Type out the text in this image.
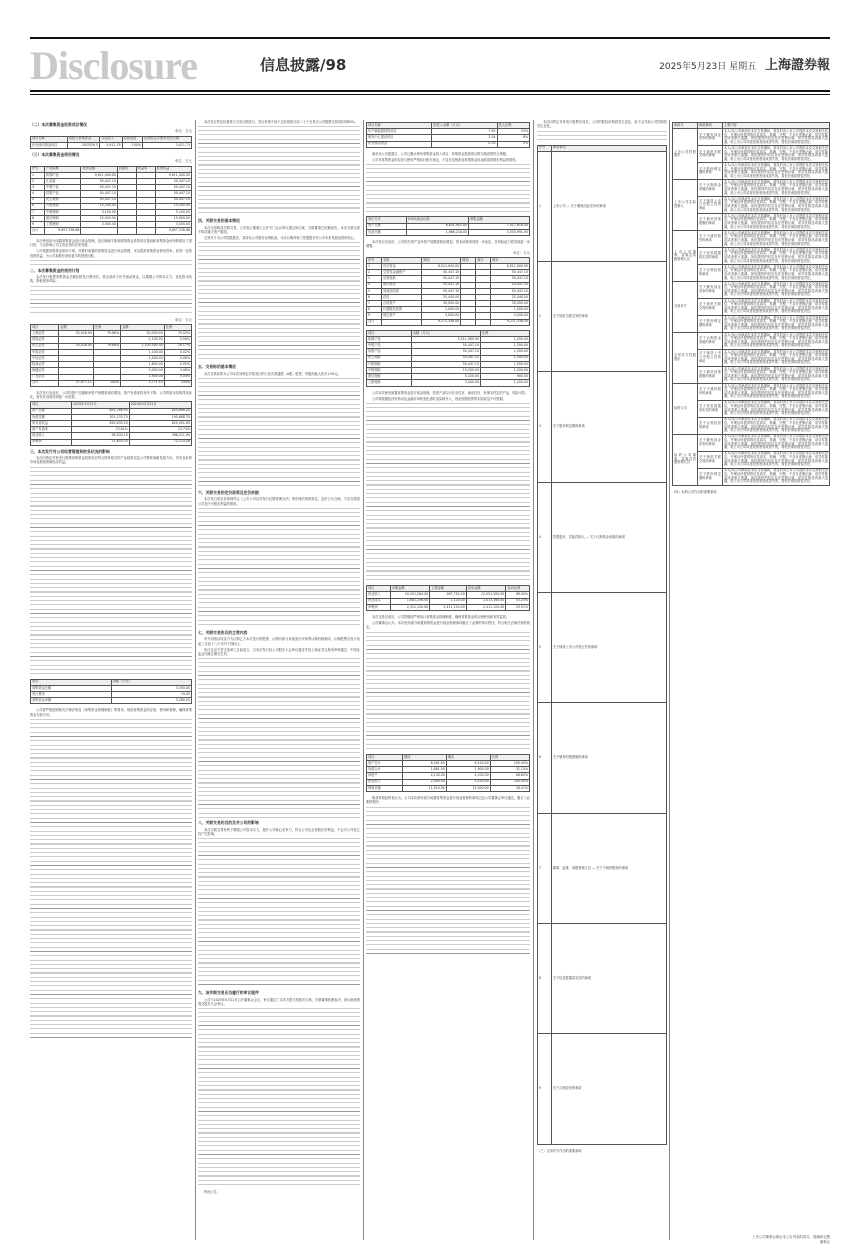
Disclosure	信息披露/98	2025年5月23日 星期五 上海證券報
（二）本次募集资金投资项目情况
单位：万元
项目名称	拟投入募集资金	实际投入	投资进度	达到预定可使用状态日期
补充流动资金项目	2025年6月	5,911.79	100%	3,011.73
（三）本次募集资金使用情况
单位：万元
序号	产品简称	投资金额	到期日	收益率	投资收益
1	阶梯产品	9,611,000.00			9,611,000.00
2	汇添富	50,447.10			50,447.10
3	中银产品	50,447.10			50,447.10
4	招银产品	50,447.10			50,447.10
5	民生理财	50,447.10			50,447.10
6	兴银理财	15,200.00			15,200.00
7	中银理财	5,100.00			5,100.00
8	建信理财	15,000.00			15,000.00
9	工银理财	3,000.00			3,000.00
合计	9,857,338.88				9,857,338.88

本次使用部分闲置募集资金进行现金管理，是在确保不影响募集资金投资项目建设和募集资金使用的情况下进行的，不会影响公司主营业务的正常发展。

公司根据募集资金使用计划，对暂时闲置的募集资金进行现金管理，可以提高募集资金使用效率，获得一定的投资收益，为公司和股东获取更多的投资回报。

二、本次募集资金的使用计划

本次发行股票募集资金总额扣除发行费用后，将全部用于补充流动资金，以增强公司资本实力，优化资本结构，降低财务风险。

单位：万元
项目	金额	比例	金额	比例
上海证券	30,028.00	79.66%	30,000.00	79.55%
国泰证券			2,100.00	5.56%
民生证券	30,028.00	79.66%	1,100,000.00	29.17%
华泰证券			1,100.00	0.02%
中信证券			2,400.00	0.06%
招商证券			1,800.00	0.05%
海通证券			3,000.00	0.08%
广发证券			1,500.00	0.04%
合计	37,677.11	100%	3,771.43	100%

本次发行完成后，公司的资产总额和净资产规模将相应增加，资产负债率将有所下降，公司的资本结构得到优化，财务状况将得到进一步改善。

项目	2025年3月31日	2024年12月31日
资产总额	851,768.95	824,668.20
负债总额	201,133.75	195,668.35
所有者权益	650,635.20	629,001.85
资产负债率	23.61%	23.73%
营业收入	98,200.15	386,211.90
净利润	21,633.35	72,114.08
三、本次发行对公司经营管理和财务状况的影响

本次向特定对象发行股票募集资金投资项目符合国家相关的产业政策以及公司整体战略发展方向，具有良好的市场发展前景和经济效益。

项目	金额（万元）
募集资金总额	3,300.00
发行费用	19.45
募集资金净额	3,280.55

公司将严格按照相关法律法规及《募集资金管理制度》的要求，规范募集资金的存放、使用和管理，确保募集资金专款专用。

本次发行的定价基准日为发行期首日，发行价格不低于定价基准日前二十个交易日公司股票交易均价的80%。

四、关联交易的基本情况

本次交易构成关联交易，公司独立董事已召开专门会议审议通过该议案，关联董事已回避表决。本次关联交易不构成重大资产重组。

交易对方为公司控股股东，其持有公司股份比例较高，本次认购体现了控股股东对公司未来发展前景的信心。

五、交易标的基本情况

本次交易标的为公司本次向特定对象发行的人民币普通股（A股）股票，每股面值人民币1.00元。

六、关联交易的定价政策及定价依据

本次发行的定价原则符合《上市公司证券发行注册管理办法》等法律法规的规定，定价公允合理，不存在损害公司及中小股东利益的情形。

七、关联交易协议的主要内容

甲方同意以现金方式认购乙方本次发行的股票，认购价格与其他发行对象的认购价格相同，认购股票自发行结束之日起十八个月内不得转让。

协议自双方签字盖章之日起成立，自本次发行经公司股东大会审议通过并经上海证券交易所审核通过、中国证监会同意注册后生效。

八、关联交易的目的及对公司的影响

本次关联交易有利于增强公司资本实力，提升公司核心竞争力，符合公司及全体股东的利益，不会对公司独立性产生影响。

九、该关联交易应当履行的审议程序

公司于2025年5月22日召开董事会会议，审议通过了本次关联交易相关议案，关联董事回避表决，该议案尚需提交股东大会审议。

特此公告。

项目名称	拟投入金额（万元）	投入比例
年产新能源材料项目	7.62	53%
研发中心建设项目	2.04	8%
补充流动资金	0.30	2%

截至本公告披露日，公司已累计使用募集资金投入项目，募集资金投资项目的实施进度符合预期。

公司对募集资金的存放与使用严格执行相关规定，不存在变相改变募集资金用途和损害股东利益的情形。

发行方式	100%现金认购	募集金额
资产总额	6,831,902.00	7,017,618.00
负债总额	1,686,218.00	2,003,991.00

本次发行完成后，公司的总资产及净资产规模将相应增加，资本结构得到进一步优化，抗风险能力将得到进一步增强。

单位：万元
序号	名称	期初	增加	减少	期末
1	货币资金	8,011,000.00			8,011,000.00
2	交易性金融资产	50,447.10			50,447.10
3	应收账款	50,447.10			50,447.10
4	预付款项	50,447.10			50,447.10
5	其他应收款	50,447.10			50,447.10
6	存货	25,440.00			25,440.00
7	合同资产	30,000.00			30,000.00
8	长期股权投资	1,000.00			1,000.00
9	固定资产	3,000.00			3,000.00
合计		9,271,338.00			9,271,338.00
项目	金额（万元）	比例
阶梯产品	5,511,060.00	1,200.00
中银产品	50,447.10	1,500.00
招银产品	50,447.10	1,500.00
民生理财	50,447.10	1,500.00
兴银理财	50,447.10	1,500.00
中银理财	15,200.00	1,200.00
建信理财	5,100.00	900.00
工银理财	3,000.00	1,200.00

公司本次使用闲置募集资金进行现金管理，投资产品均为安全性高、流动性好、有保本约定的产品，风险可控。

公司将根据经济形势以及金融市场的变化适时适量地介入，因此短期投资的实际收益不可预期。

项目	本期金额	上期金额	变动金额	变动比例
营业收入	10,201,264.00	267,752.00	12,051,300.00	96.00%
营业成本	1,681,256.00	1,120.00	2,013,160.00	53.20%
净利润	2,411,120.00	2,411,120.00	2,411,120.00	23.91%

本次交易完成后，公司将继续严格执行募集资金管理制度，确保募集资金的合理使用和有效监管。

公司董事会认为，本次使用部分闲置募集资金进行现金管理事项履行了必要的审议程序，符合相关法律法规的规定。

项目	期初	期末	比例
资产总计	6,001.00	6,100.00	100.00%
负债合计	1,861.00	1,900.00	31.15%
净资产	4,140.00	4,200.00	68.85%
营业收入	2,900.00	3,100.00	100.00%
利润总额	11,910.00	12,000.00	28.47%

保荐机构经核查认为，公司本次使用部分闲置募集资金进行现金管理的事项已经公司董事会审议通过，履行了必要的程序。

本次向特定对象发行股票完成后，公司的股权结构将发生变化，但不会导致公司控制权发生变化。

序号	承诺事项
1	上市公司 — 关于避免同业竞争的承诺
2	关于规范关联交易的承诺
3	关于股份锁定期的承诺
4	控股股东、实际控制人 — 关于认购资金来源的承诺
5	关于保持上市公司独立性的承诺
6	关于填补回报措施的承诺
7	董事、监事、高级管理人员 — 关于不减持股份的承诺
8	关于信息披露真实性的承诺
9	关于合规经营的承诺
（三）交易对方作出的重要承诺
承诺方	承诺事项	主要内容
上市公司控股股东	关于避免同业竞争的承诺	本人/本公司承诺在本次交易期间，将及时向上市公司提供本次交易相关信息，并保证所提供的信息真实、准确、完整，不存在虚假记载、误导性陈述或者重大遗漏。如因提供的信息存在虚假记载、误导性陈述或重大遗漏，给上市公司或者投资者造成损失的，将依法承担赔偿责任。
	关于规范关联交易的承诺	本人/本公司承诺在本次交易期间，将及时向上市公司提供本次交易相关信息，并保证所提供的信息真实、准确、完整，不存在虚假记载、误导性陈述或者重大遗漏。如因提供的信息存在虚假记载、误导性陈述或重大遗漏，给上市公司或者投资者造成损失的，将依法承担赔偿责任。
	关于股份锁定期的承诺	本人/本公司承诺在本次交易期间，将及时向上市公司提供本次交易相关信息，并保证所提供的信息真实、准确、完整，不存在虚假记载、误导性陈述或者重大遗漏。如因提供的信息存在虚假记载、误导性陈述或重大遗漏，给上市公司或者投资者造成损失的，将依法承担赔偿责任。
上市公司实际控制人	关于认购资金来源的承诺	本人/本公司承诺在本次交易期间，将及时向上市公司提供本次交易相关信息，并保证所提供的信息真实、准确、完整，不存在虚假记载、误导性陈述或者重大遗漏。如因提供的信息存在虚假记载、误导性陈述或重大遗漏，给上市公司或者投资者造成损失的，将依法承担赔偿责任。
	关于保持上市公司独立性的承诺	本人/本公司承诺在本次交易期间，将及时向上市公司提供本次交易相关信息，并保证所提供的信息真实、准确、完整，不存在虚假记载、误导性陈述或者重大遗漏。如因提供的信息存在虚假记载、误导性陈述或重大遗漏，给上市公司或者投资者造成损失的，将依法承担赔偿责任。
	关于填补回报措施的承诺	本人/本公司承诺在本次交易期间，将及时向上市公司提供本次交易相关信息，并保证所提供的信息真实、准确、完整，不存在虚假记载、误导性陈述或者重大遗漏。如因提供的信息存在虚假记载、误导性陈述或重大遗漏，给上市公司或者投资者造成损失的，将依法承担赔偿责任。
上市公司董事、监事及高级管理人员	关于不减持股份的承诺	本人/本公司承诺在本次交易期间，将及时向上市公司提供本次交易相关信息，并保证所提供的信息真实、准确、完整，不存在虚假记载、误导性陈述或者重大遗漏。如因提供的信息存在虚假记载、误导性陈述或重大遗漏，给上市公司或者投资者造成损失的，将依法承担赔偿责任。
	关于信息披露真实性的承诺	本人/本公司承诺在本次交易期间，将及时向上市公司提供本次交易相关信息，并保证所提供的信息真实、准确、完整，不存在虚假记载、误导性陈述或者重大遗漏。如因提供的信息存在虚假记载、误导性陈述或重大遗漏，给上市公司或者投资者造成损失的，将依法承担赔偿责任。
	关于合规经营的承诺	本人/本公司承诺在本次交易期间，将及时向上市公司提供本次交易相关信息，并保证所提供的信息真实、准确、完整，不存在虚假记载、误导性陈述或者重大遗漏。如因提供的信息存在虚假记载、误导性陈述或重大遗漏，给上市公司或者投资者造成损失的，将依法承担赔偿责任。
交易对方	关于避免同业竞争的承诺	本人/本公司承诺在本次交易期间，将及时向上市公司提供本次交易相关信息，并保证所提供的信息真实、准确、完整，不存在虚假记载、误导性陈述或者重大遗漏。如因提供的信息存在虚假记载、误导性陈述或重大遗漏，给上市公司或者投资者造成损失的，将依法承担赔偿责任。
	关于规范关联交易的承诺	本人/本公司承诺在本次交易期间，将及时向上市公司提供本次交易相关信息，并保证所提供的信息真实、准确、完整，不存在虚假记载、误导性陈述或者重大遗漏。如因提供的信息存在虚假记载、误导性陈述或重大遗漏，给上市公司或者投资者造成损失的，将依法承担赔偿责任。
	关于股份锁定期的承诺	本人/本公司承诺在本次交易期间，将及时向上市公司提供本次交易相关信息，并保证所提供的信息真实、准确、完整，不存在虚假记载、误导性陈述或者重大遗漏。如因提供的信息存在虚假记载、误导性陈述或重大遗漏，给上市公司或者投资者造成损失的，将依法承担赔偿责任。
交易对方控股股东	关于认购资金来源的承诺	本人/本公司承诺在本次交易期间，将及时向上市公司提供本次交易相关信息，并保证所提供的信息真实、准确、完整，不存在虚假记载、误导性陈述或者重大遗漏。如因提供的信息存在虚假记载、误导性陈述或重大遗漏，给上市公司或者投资者造成损失的，将依法承担赔偿责任。
	关于保持上市公司独立性的承诺	本人/本公司承诺在本次交易期间，将及时向上市公司提供本次交易相关信息，并保证所提供的信息真实、准确、完整，不存在虚假记载、误导性陈述或者重大遗漏。如因提供的信息存在虚假记载、误导性陈述或重大遗漏，给上市公司或者投资者造成损失的，将依法承担赔偿责任。
	关于填补回报措施的承诺	本人/本公司承诺在本次交易期间，将及时向上市公司提供本次交易相关信息，并保证所提供的信息真实、准确、完整，不存在虚假记载、误导性陈述或者重大遗漏。如因提供的信息存在虚假记载、误导性陈述或重大遗漏，给上市公司或者投资者造成损失的，将依法承担赔偿责任。
标的公司	关于不减持股份的承诺	本人/本公司承诺在本次交易期间，将及时向上市公司提供本次交易相关信息，并保证所提供的信息真实、准确、完整，不存在虚假记载、误导性陈述或者重大遗漏。如因提供的信息存在虚假记载、误导性陈述或重大遗漏，给上市公司或者投资者造成损失的，将依法承担赔偿责任。
	关于信息披露真实性的承诺	本人/本公司承诺在本次交易期间，将及时向上市公司提供本次交易相关信息，并保证所提供的信息真实、准确、完整，不存在虚假记载、误导性陈述或者重大遗漏。如因提供的信息存在虚假记载、误导性陈述或重大遗漏，给上市公司或者投资者造成损失的，将依法承担赔偿责任。
	关于合规经营的承诺	本人/本公司承诺在本次交易期间，将及时向上市公司提供本次交易相关信息，并保证所提供的信息真实、准确、完整，不存在虚假记载、误导性陈述或者重大遗漏。如因提供的信息存在虚假记载、误导性陈述或重大遗漏，给上市公司或者投资者造成损失的，将依法承担赔偿责任。
标的公司董事、监事及高级管理人员	关于避免同业竞争的承诺	本人/本公司承诺在本次交易期间，将及时向上市公司提供本次交易相关信息，并保证所提供的信息真实、准确、完整，不存在虚假记载、误导性陈述或者重大遗漏。如因提供的信息存在虚假记载、误导性陈述或重大遗漏，给上市公司或者投资者造成损失的，将依法承担赔偿责任。
	关于规范关联交易的承诺	本人/本公司承诺在本次交易期间，将及时向上市公司提供本次交易相关信息，并保证所提供的信息真实、准确、完整，不存在虚假记载、误导性陈述或者重大遗漏。如因提供的信息存在虚假记载、误导性陈述或重大遗漏，给上市公司或者投资者造成损失的，将依法承担赔偿责任。
	关于股份锁定期的承诺	本人/本公司承诺在本次交易期间，将及时向上市公司提供本次交易相关信息，并保证所提供的信息真实、准确、完整，不存在虚假记载、误导性陈述或者重大遗漏。如因提供的信息存在虚假记载、误导性陈述或重大遗漏，给上市公司或者投资者造成损失的，将依法承担赔偿责任。
（四）标的公司作出的重要承诺
上市公司董事会保证本公告内容的真实、准确和完整
董事会
